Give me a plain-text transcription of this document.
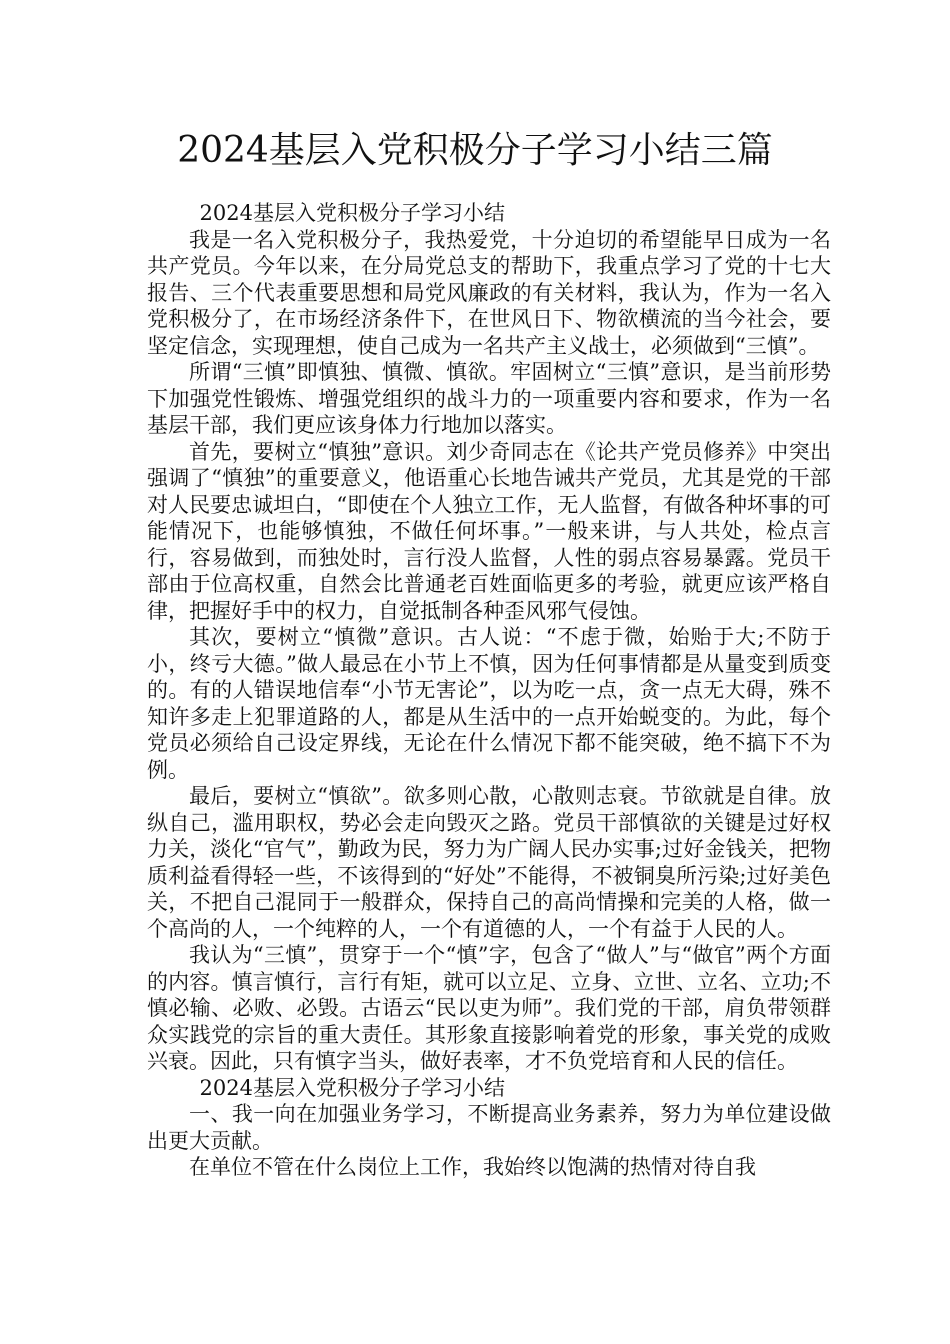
2024基层入党积极分子学习小结三篇

2024基层入党积极分子学习小结

我是一名入党积极分子，我热爱党，十分迫切的希望能早日成为一名共产党员。今年以来，在分局党总支的帮助下，我重点学习了党的十七大报告、三个代表重要思想和局党风廉政的有关材料，我认为，作为一名入党积极分了，在市场经济条件下，在世风日下、物欲横流的当今社会，要坚定信念，实现理想，使自己成为一名共产主义战士，必须做到“三慎”。

所谓“三慎”即慎独、慎微、慎欲。牢固树立“三慎”意识，是当前形势下加强党性锻炼、增强党组织的战斗力的一项重要内容和要求，作为一名基层干部，我们更应该身体力行地加以落实。

首先，要树立“慎独”意识。刘少奇同志在《论共产党员修养》中突出强调了“慎独”的重要意义，他语重心长地告诫共产党员，尤其是党的干部对人民要忠诚坦白，“即使在个人独立工作，无人监督，有做各种坏事的可能情况下，也能够慎独，不做任何坏事。”一般来讲，与人共处，检点言行，容易做到，而独处时，言行没人监督，人性的弱点容易暴露。党员干部由于位高权重，自然会比普通老百姓面临更多的考验，就更应该严格自律，把握好手中的权力，自觉抵制各种歪风邪气侵蚀。

其次，要树立“慎微”意识。古人说：“不虑于微，始贻于大;不防于小，终亏大德。”做人最忌在小节上不慎，因为任何事情都是从量变到质变的。有的人错误地信奉“小节无害论”，以为吃一点，贪一点无大碍，殊不知许多走上犯罪道路的人，都是从生活中的一点开始蜕变的。为此，每个党员必须给自己设定界线，无论在什么情况下都不能突破，绝不搞下不为例。

最后，要树立“慎欲”。欲多则心散，心散则志衰。节欲就是自律。放纵自己，滥用职权，势必会走向毁灭之路。党员干部慎欲的关键是过好权力关，淡化“官气”，勤政为民，努力为广阔人民办实事;过好金钱关，把物质利益看得轻一些，不该得到的“好处”不能得，不被铜臭所污染;过好美色关，不把自己混同于一般群众，保持自己的高尚情操和完美的人格，做一个高尚的人，一个纯粹的人，一个有道德的人，一个有益于人民的人。

我认为“三慎”，贯穿于一个“慎”字，包含了“做人”与“做官”两个方面的内容。慎言慎行，言行有矩，就可以立足、立身、立世、立名、立功;不慎必输、必败、必毁。古语云“民以吏为师”。我们党的干部，肩负带领群众实践党的宗旨的重大责任。其形象直接影响着党的形象，事关党的成败兴衰。因此，只有慎字当头，做好表率，才不负党培育和人民的信任。

2024基层入党积极分子学习小结

一、我一向在加强业务学习，不断提高业务素养，努力为单位建设做出更大贡献。

在单位不管在什么岗位上工作，我始终以饱满的热情对待自我
